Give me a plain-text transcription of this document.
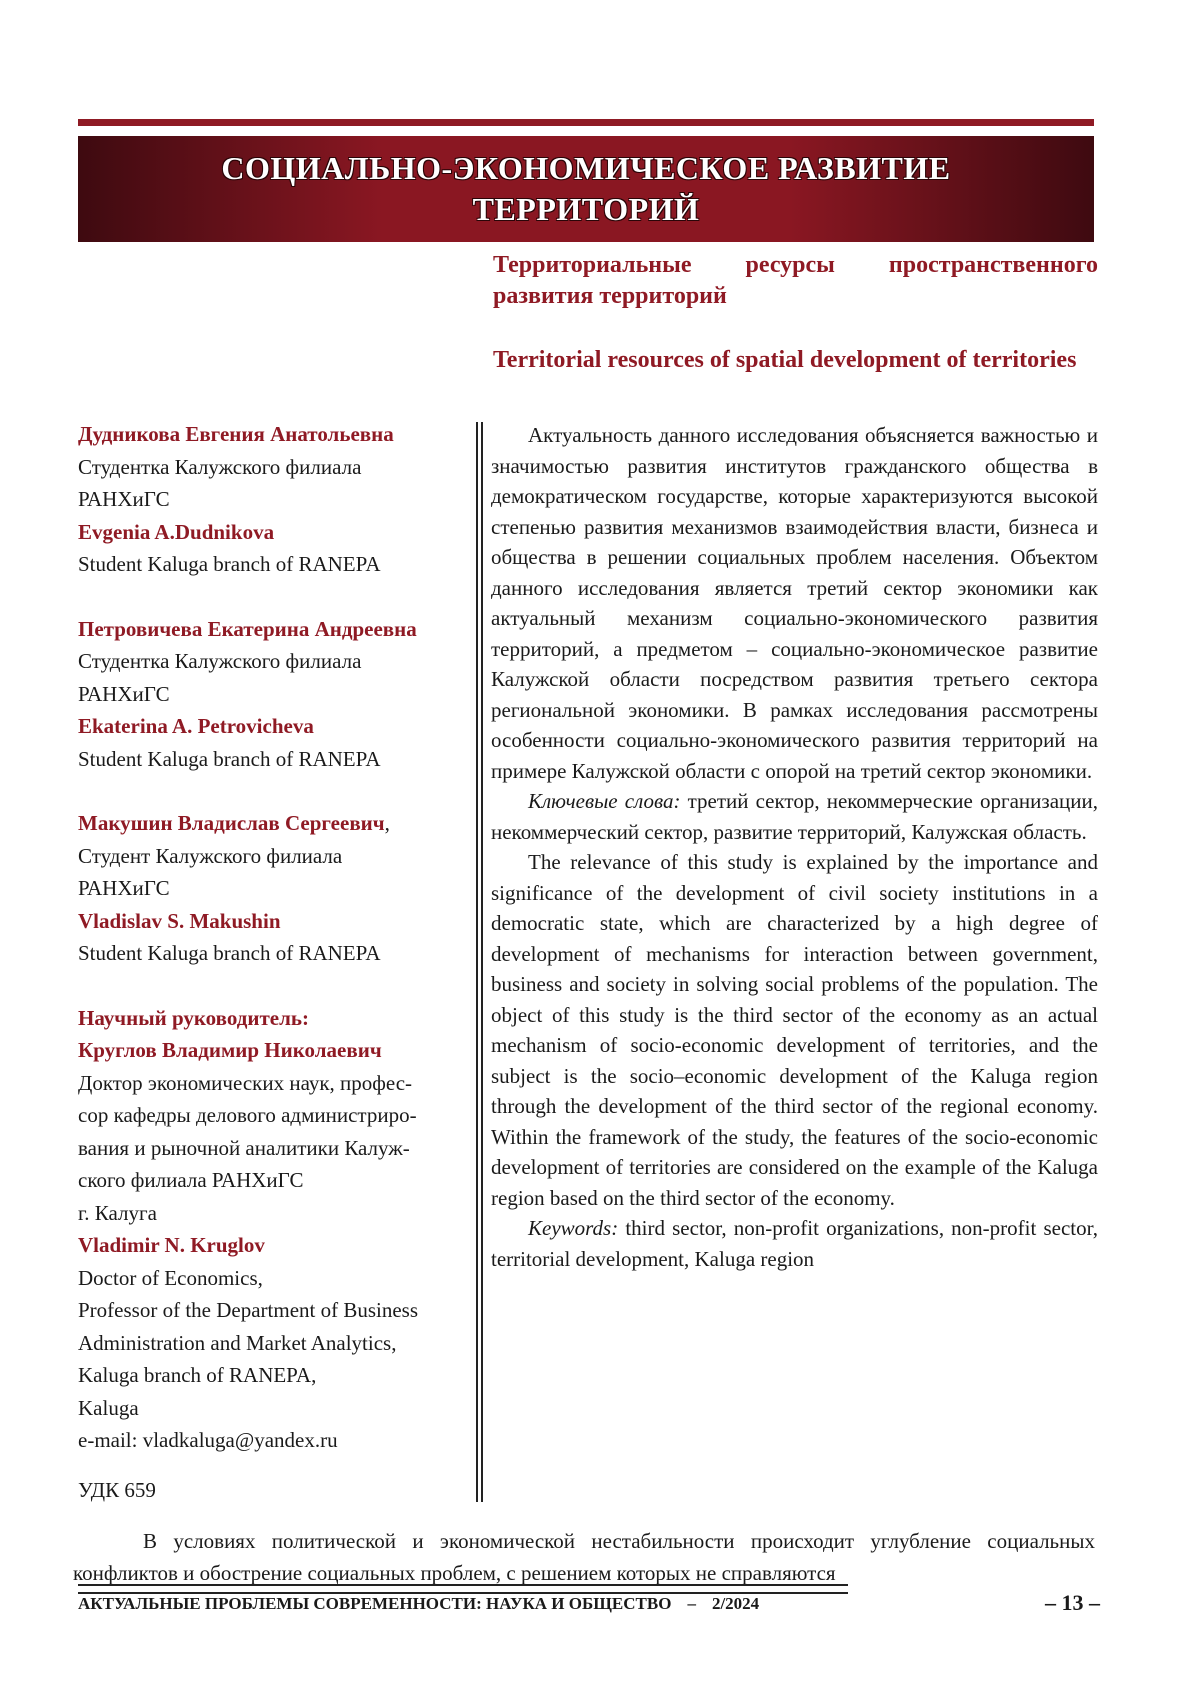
СОЦИАЛЬНО-ЭКОНОМИЧЕСКОЕ РАЗВИТИЕ
ТЕРРИТОРИЙ
Территориальные ресурсы пространственного развития территорий
Territorial resources of spatial development of territories
Дудникова Евгения Анатольевна
Студентка Калужского филиала
РАНХиГС
Evgenia A.Dudnikova
Student Kaluga branch of RANEPA
Петровичева Екатерина Андреевна
Студентка Калужского филиала
РАНХиГС
Ekaterina A. Petrovicheva
Student Kaluga branch of RANEPA
Макушин Владислав Сергеевич,
Студент Калужского филиала
РАНХиГС
Vladislav S. Makushin
Student Kaluga branch of RANEPA
Научный руководитель:
Круглов Владимир Николаевич
Доктор экономических наук, профес-
сор кафедры делового администриро-
вания и рыночной аналитики Калуж-
ского филиала РАНХиГС
г. Калуга
Vladimir N. Kruglov
Doctor of Economics,
Professor of the Department of Business
Administration and Market Analytics,
Kaluga branch of RANEPA,
Kaluga
e-mail: vladkaluga@yandex.ru

Актуальность данного исследования объясняется важностью и значимостью развития институтов гражданского общества в демократическом государстве, которые характеризуются высокой степенью развития механизмов взаимодействия власти, бизнеса и общества в решении социальных проблем населения. Объектом данного исследования является третий сектор экономики как актуальный механизм социально-экономического развития территорий, а предметом – социально-экономическое развитие Калужской области посредством развития третьего сектора региональной экономики. В рамках исследования рассмотрены особенности социально-экономического развития территорий на примере Калужской области с опорой на третий сектор экономики.

Ключевые слова: третий сектор, некоммерческие организации, некоммерческий сектор, развитие территорий, Калужская область.

The relevance of this study is explained by the importance and significance of the development of civil society institutions in a democratic state, which are characterized by a high degree of development of mechanisms for interaction between government, business and society in solving social problems of the population. The object of this study is the third sector of the economy as an actual mechanism of socio-economic development of territories, and the subject is the socio–economic development of the Kaluga region through the development of the third sector of the regional economy. Within the framework of the study, the features of the socio-economic development of territories are considered on the example of the Kaluga region based on the third sector of the economy.

Keywords: third sector, non-profit organizations, non-profit sector, territorial development, Kaluga region

УДК 659

В условиях политической и экономической нестабильности происходит углубление социальных конфликтов и обострение социальных проблем, с решением которых не справляются

АКТУАЛЬНЫЕ ПРОБЛЕМЫ СОВРЕМЕННОСТИ: НАУКА И ОБЩЕСТВО – 2/2024	– 13 –
